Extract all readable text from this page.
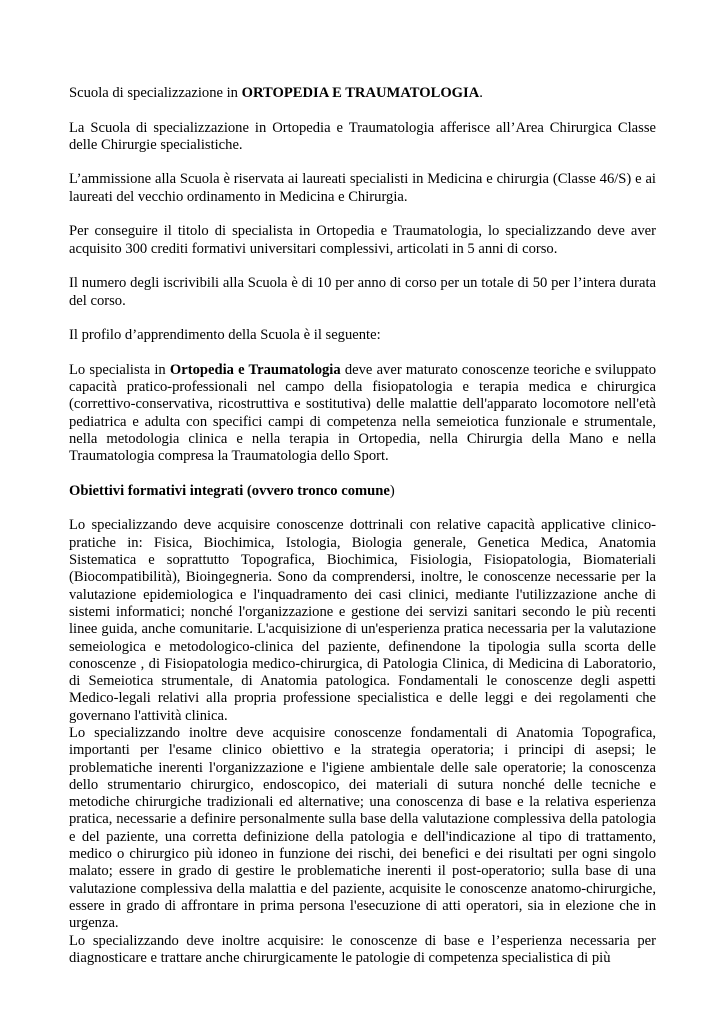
Scuola di specializzazione in ORTOPEDIA E TRAUMATOLOGIA.

La Scuola di specializzazione in Ortopedia e Traumatologia afferisce all’Area Chirurgica Classe delle Chirurgie specialistiche.

L’ammissione alla Scuola è riservata ai laureati specialisti in Medicina e chirurgia (Classe 46/S) e ai laureati del vecchio ordinamento in Medicina e Chirurgia.

Per conseguire il titolo di specialista in Ortopedia e Traumatologia, lo specializzando deve aver acquisito 300 crediti formativi universitari complessivi, articolati in 5 anni di corso.

Il numero degli iscrivibili alla Scuola è di 10 per anno di corso per un totale di 50 per l’intera durata del corso.

Il profilo d’apprendimento della Scuola è il seguente:

Lo specialista in Ortopedia e Traumatologia deve aver maturato conoscenze teoriche e sviluppato capacità pratico-professionali nel campo della fisiopatologia e terapia medica e chirurgica (correttivo-conservativa, ricostruttiva e sostitutiva) delle malattie dell'apparato locomotore nell'età pediatrica e adulta con specifici campi di competenza nella semeiotica funzionale e strumentale, nella metodologia clinica e nella terapia in Ortopedia, nella Chirurgia della Mano e nella Traumatologia compresa la Traumatologia dello Sport.

Obiettivi formativi integrati (ovvero tronco comune)

Lo specializzando deve acquisire conoscenze dottrinali con relative capacità applicative clinico-pratiche in: Fisica, Biochimica, Istologia, Biologia generale, Genetica Medica, Anatomia Sistematica e soprattutto Topografica, Biochimica, Fisiologia, Fisiopatologia, Biomateriali (Biocompatibilità), Bioingegneria. Sono da comprendersi, inoltre, le conoscenze necessarie per la valutazione epidemiologica e l'inquadramento dei casi clinici, mediante l'utilizzazione anche di sistemi informatici; nonché l'organizzazione e gestione dei servizi sanitari secondo le più recenti linee guida, anche comunitarie. L'acquisizione di un'esperienza pratica necessaria per la valutazione semeiologica e metodologico-clinica del paziente, definendone la tipologia sulla scorta delle conoscenze , di Fisiopatologia medico-chirurgica, di Patologia Clinica, di Medicina di Laboratorio, di Semeiotica strumentale, di Anatomia patologica. Fondamentali le conoscenze degli aspetti Medico-legali relativi alla propria professione specialistica e delle leggi e dei regolamenti che governano l'attività clinica.

Lo specializzando inoltre deve acquisire conoscenze fondamentali di Anatomia Topografica, importanti per l'esame clinico obiettivo e la strategia operatoria; i principi di asepsi; le problematiche inerenti l'organizzazione e l'igiene ambientale delle sale operatorie; la conoscenza dello strumentario chirurgico, endoscopico, dei materiali di sutura nonché delle tecniche e metodiche chirurgiche tradizionali ed alternative; una conoscenza di base e la relativa esperienza pratica, necessarie a definire personalmente sulla base della valutazione complessiva della patologia e del paziente, una corretta definizione della patologia e dell'indicazione al tipo di trattamento, medico o chirurgico più idoneo in funzione dei rischi, dei benefici e dei risultati per ogni singolo malato; essere in grado di gestire le problematiche inerenti il post-operatorio; sulla base di una valutazione complessiva della malattia e del paziente, acquisite le conoscenze anatomo-chirurgiche, essere in grado di affrontare in prima persona l'esecuzione di atti operatori, sia in elezione che in urgenza.

Lo specializzando deve inoltre acquisire: le conoscenze di base e l’esperienza necessaria per diagnosticare e trattare anche chirurgicamente le patologie di competenza specialistica di più
